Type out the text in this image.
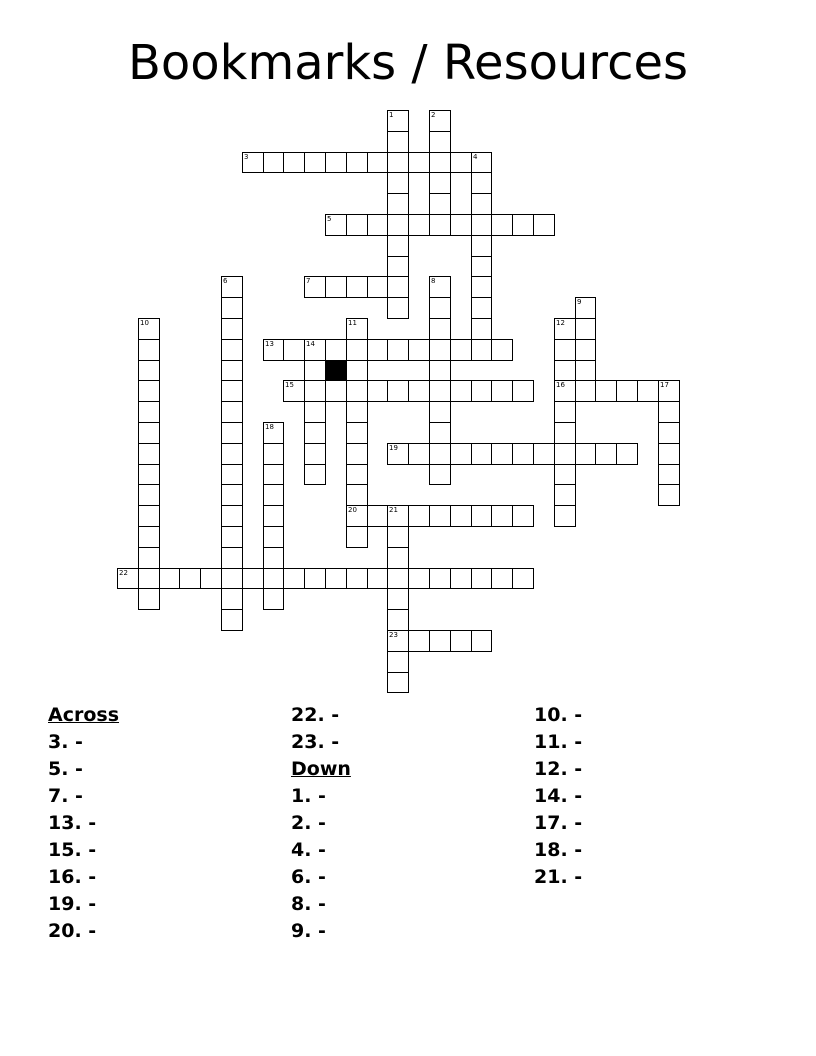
Bookmarks / Resources
1	2
3	4
5
6	7	8
9
10	11
20
12
16
13	14
15	17
18
19
21
23
22
Across
3. -
5. -
7. -
13. -
15. -
16. -
19. -
20. -
22. -
23. -
Down
1. -
2. -
4. -
6. -
8. -
9. -
10. -
11. -
12. -
14. -
17. -
18. -
21. -
